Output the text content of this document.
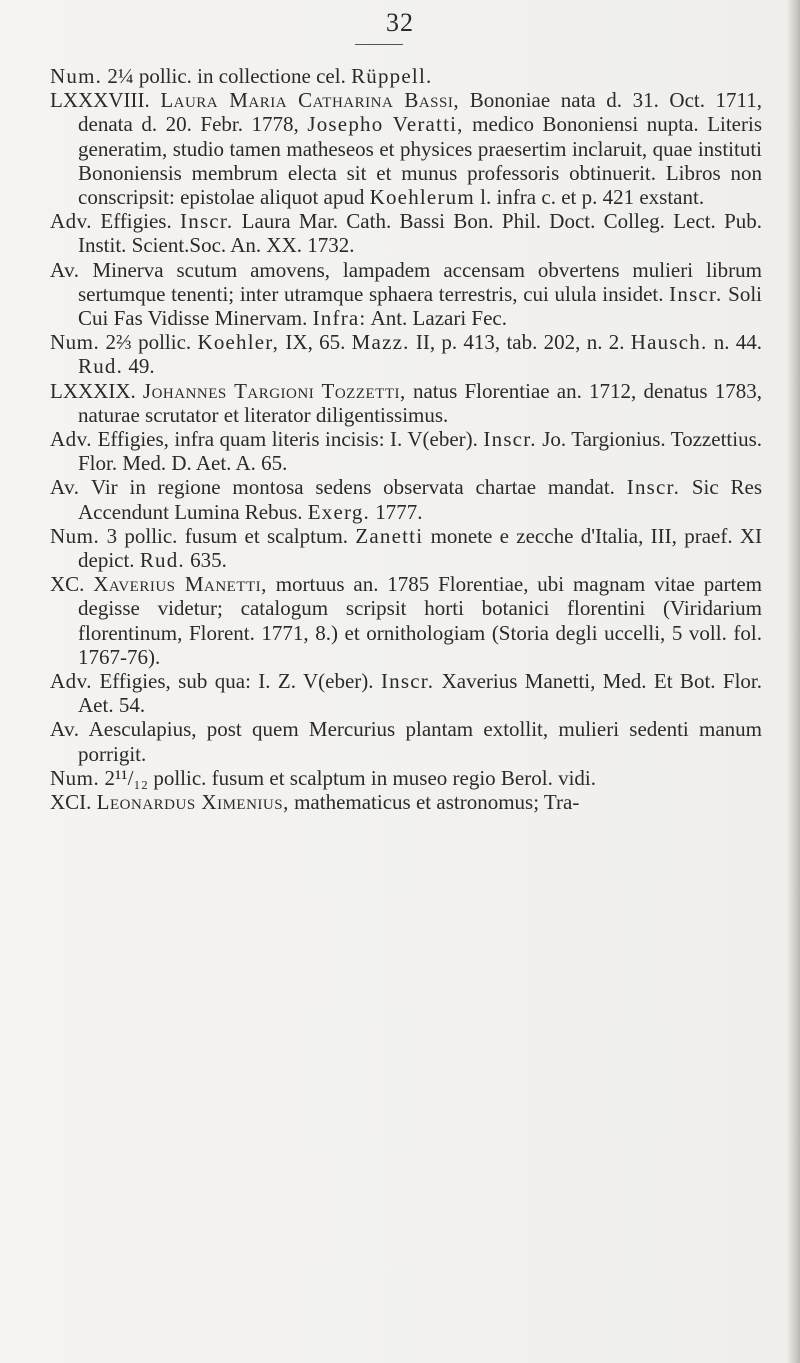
32

Num. 2¼ pollic. in collectione cel. Rüppell.

LXXXVIII. Laura Maria Catharina Bassi, Bononiae nata d. 31. Oct. 1711, denata d. 20. Febr. 1778, Josepho Veratti, medico Bononiensi nupta. Literis generatim, studio tamen matheseos et physices praesertim inclaruit, quae instituti Bononiensis membrum electa sit et munus professoris obtinuerit. Libros non conscripsit: epistolae aliquot apud Koehlerum l. infra c. et p. 421 exstant.

Adv. Effigies. Inscr. Laura Mar. Cath. Bassi Bon. Phil. Doct. Colleg. Lect. Pub. Instit. Scient.Soc. An. XX. 1732.

Av. Minerva scutum amovens, lampadem accensam obvertens mulieri librum sertumque tenenti; inter utramque sphaera terrestris, cui ulula insidet. Inscr. Soli Cui Fas Vidisse Minervam. Infra: Ant. Lazari Fec.

Num. 2⅔ pollic. Koehler, IX, 65. Mazz. II, p. 413, tab. 202, n. 2. Hausch. n. 44. Rud. 49.

LXXXIX. Johannes Targioni Tozzetti, natus Florentiae an. 1712, denatus 1783, naturae scrutator et literator diligentissimus.

Adv. Effigies, infra quam literis incisis: I. V(eber). Inscr. Jo. Targionius. Tozzettius. Flor. Med. D. Aet. A. 65.

Av. Vir in regione montosa sedens observata chartae mandat. Inscr. Sic Res Accendunt Lumina Rebus. Exerg. 1777.

Num. 3 pollic. fusum et scalptum. Zanetti monete e zecche d'Italia, III, praef. XI depict. Rud. 635.

XC. Xaverius Manetti, mortuus an. 1785 Florentiae, ubi magnam vitae partem degisse videtur; catalogum scripsit horti botanici florentini (Viridarium florentinum, Florent. 1771, 8.) et ornithologiam (Storia degli uccelli, 5 voll. fol. 1767-76).

Adv. Effigies, sub qua: I. Z. V(eber). Inscr. Xaverius Manetti, Med. Et Bot. Flor. Aet. 54.

Av. Aesculapius, post quem Mercurius plantam extollit, mulieri sedenti manum porrigit.

Num. 2¹¹/₁₂ pollic. fusum et scalptum in museo regio Berol. vidi.

XCI. Leonardus Ximenius, mathematicus et astronomus; Tra-
